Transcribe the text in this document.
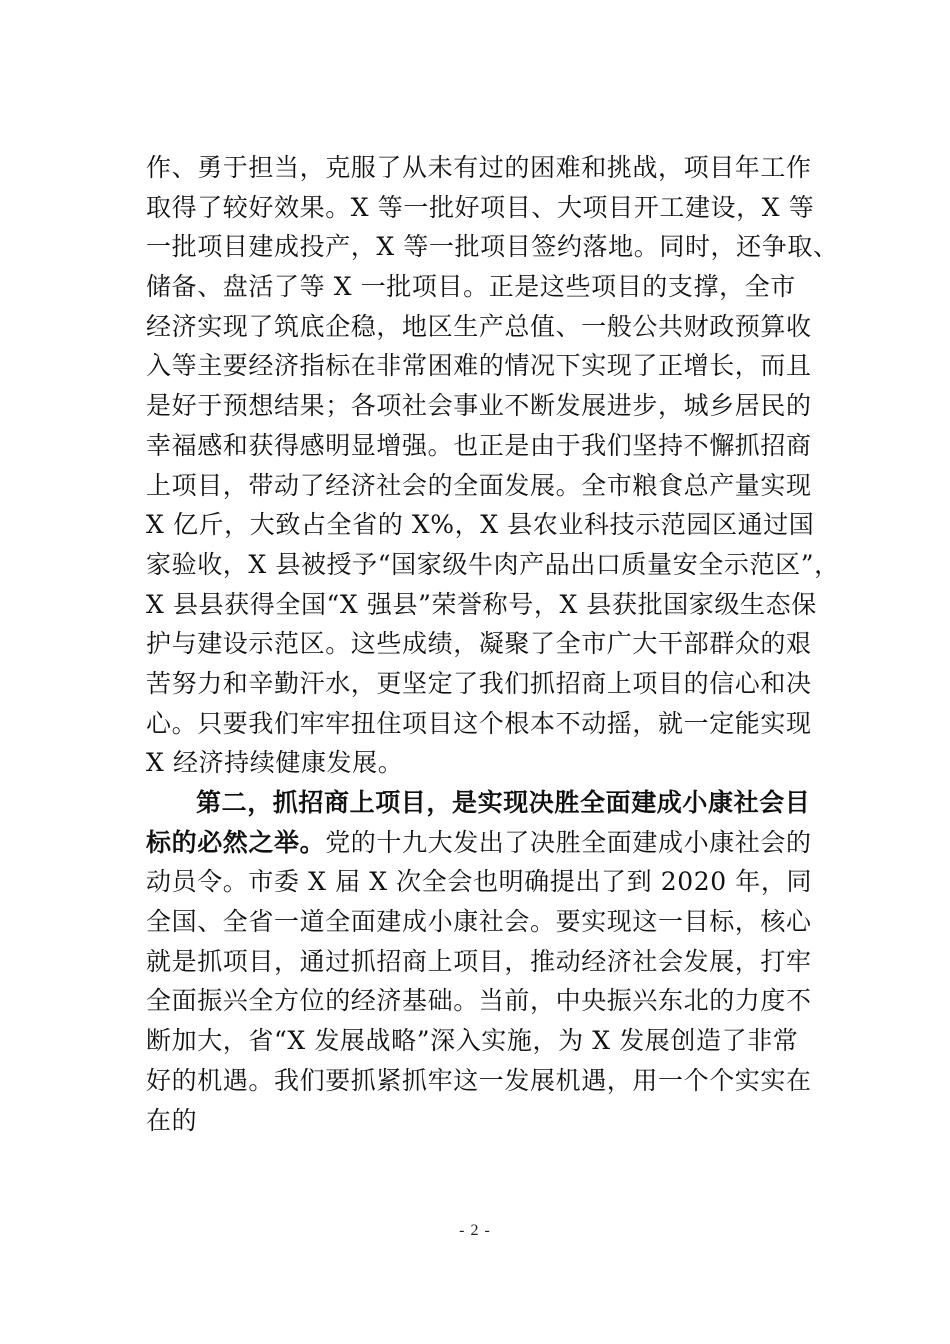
作、勇于担当，克服了从未有过的困难和挑战，项目年工作
取得了较好效果。X 等一批好项目、大项目开工建设，X 等
一批项目建成投产，X 等一批项目签约落地。同时，还争取、
储备、盘活了等 X 一批项目。正是这些项目的支撑，全市
经济实现了筑底企稳，地区生产总值、一般公共财政预算收
入等主要经济指标在非常困难的情况下实现了正增长，而且
是好于预想结果；各项社会事业不断发展进步，城乡居民的
幸福感和获得感明显增强。也正是由于我们坚持不懈抓招商
上项目，带动了经济社会的全面发展。全市粮食总产量实现
X 亿斤，大致占全省的 X%，X 县农业科技示范园区通过国
家验收，X 县被授予“国家级牛肉产品出口质量安全示范区”，
X 县县获得全国“X 强县”荣誉称号，X 县获批国家级生态保
护与建设示范区。这些成绩，凝聚了全市广大干部群众的艰
苦努力和辛勤汗水，更坚定了我们抓招商上项目的信心和决
心。只要我们牢牢扭住项目这个根本不动摇，就一定能实现
X 经济持续健康发展。
第二，抓招商上项目，是实现决胜全面建成小康社会目
标的必然之举。党的十九大发出了决胜全面建成小康社会的
动员令。市委 X 届 X 次全会也明确提出了到 2020 年，同
全国、全省一道全面建成小康社会。要实现这一目标，核心
就是抓项目，通过抓招商上项目，推动经济社会发展，打牢
全面振兴全方位的经济基础。当前，中央振兴东北的力度不
断加大，省“X 发展战略”深入实施，为 X 发展创造了非常
好的机遇。我们要抓紧抓牢这一发展机遇，用一个个实实在
在的
- 2 -
